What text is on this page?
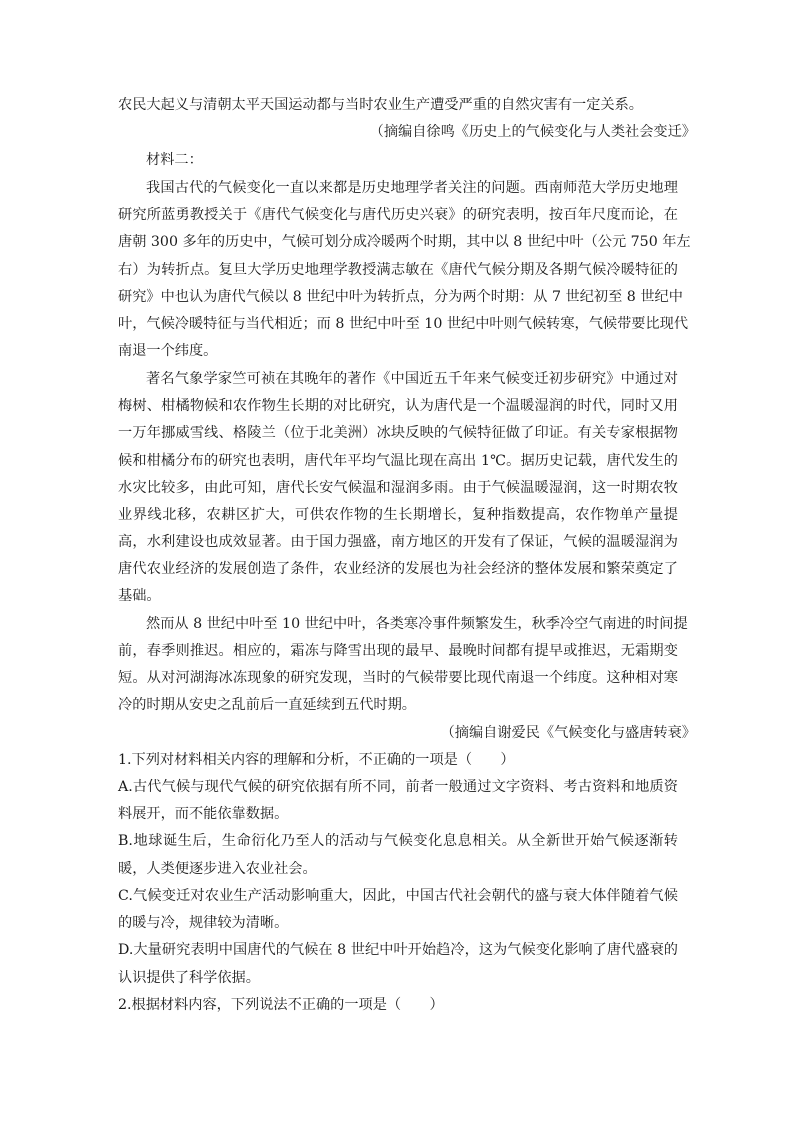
农民大起义与清朝太平天国运动都与当时农业生产遭受严重的自然灾害有一定关系。
（摘编自徐鸣《历史上的气候变化与人类社会变迁》
材料二：
我国古代的气候变化一直以来都是历史地理学者关注的问题。西南师范大学历史地理
研究所蓝勇教授关于《唐代气候变化与唐代历史兴衰》的研究表明，按百年尺度而论，在
唐朝 300 多年的历史中，气候可划分成冷暖两个时期，其中以 8 世纪中叶（公元 750 年左
右）为转折点。复旦大学历史地理学教授满志敏在《唐代气候分期及各期气候冷暖特征的
研究》中也认为唐代气候以 8 世纪中叶为转折点，分为两个时期：从 7 世纪初至 8 世纪中
叶，气候冷暖特征与当代相近；而 8 世纪中叶至 10 世纪中叶则气候转寒，气候带要比现代
南退一个纬度。
著名气象学家竺可祯在其晚年的著作《中国近五千年来气候变迁初步研究》中通过对
梅树、柑橘物候和农作物生长期的对比研究，认为唐代是一个温暖湿润的时代，同时又用
一万年挪威雪线、格陵兰（位于北美洲）冰块反映的气候特征做了印证。有关专家根据物
候和柑橘分布的研究也表明，唐代年平均气温比现在高出 1℃。据历史记载，唐代发生的
水灾比较多，由此可知，唐代长安气候温和湿润多雨。由于气候温暖湿润，这一时期农牧
业界线北移，农耕区扩大，可供农作物的生长期增长，复种指数提高，农作物单产量提
高，水利建设也成效显著。由于国力强盛，南方地区的开发有了保证，气候的温暖湿润为
唐代农业经济的发展创造了条件，农业经济的发展也为社会经济的整体发展和繁荣奠定了
基础。
然而从 8 世纪中叶至 10 世纪中叶，各类寒冷事件频繁发生，秋季冷空气南进的时间提
前，春季则推迟。相应的，霜冻与降雪出现的最早、最晚时间都有提早或推迟，无霜期变
短。从对河湖海冰冻现象的研究发现，当时的气候带要比现代南退一个纬度。这种相对寒
冷的时期从安史之乱前后一直延续到五代时期。
（摘编自谢爱民《气候变化与盛唐转衰》
1.下列对材料相关内容的理解和分析，不正确的一项是（　　）
A.古代气候与现代气候的研究依据有所不同，前者一般通过文字资料、考古资料和地质资
料展开，而不能依靠数据。
B.地球诞生后，生命衍化乃至人的活动与气候变化息息相关。从全新世开始气候逐渐转
暖，人类便逐步进入农业社会。
C.气候变迁对农业生产活动影响重大，因此，中国古代社会朝代的盛与衰大体伴随着气候
的暖与冷，规律较为清晰。
D.大量研究表明中国唐代的气候在 8 世纪中叶开始趋冷，这为气候变化影响了唐代盛衰的
认识提供了科学依据。
2.根据材料内容，下列说法不正确的一项是（　　）
